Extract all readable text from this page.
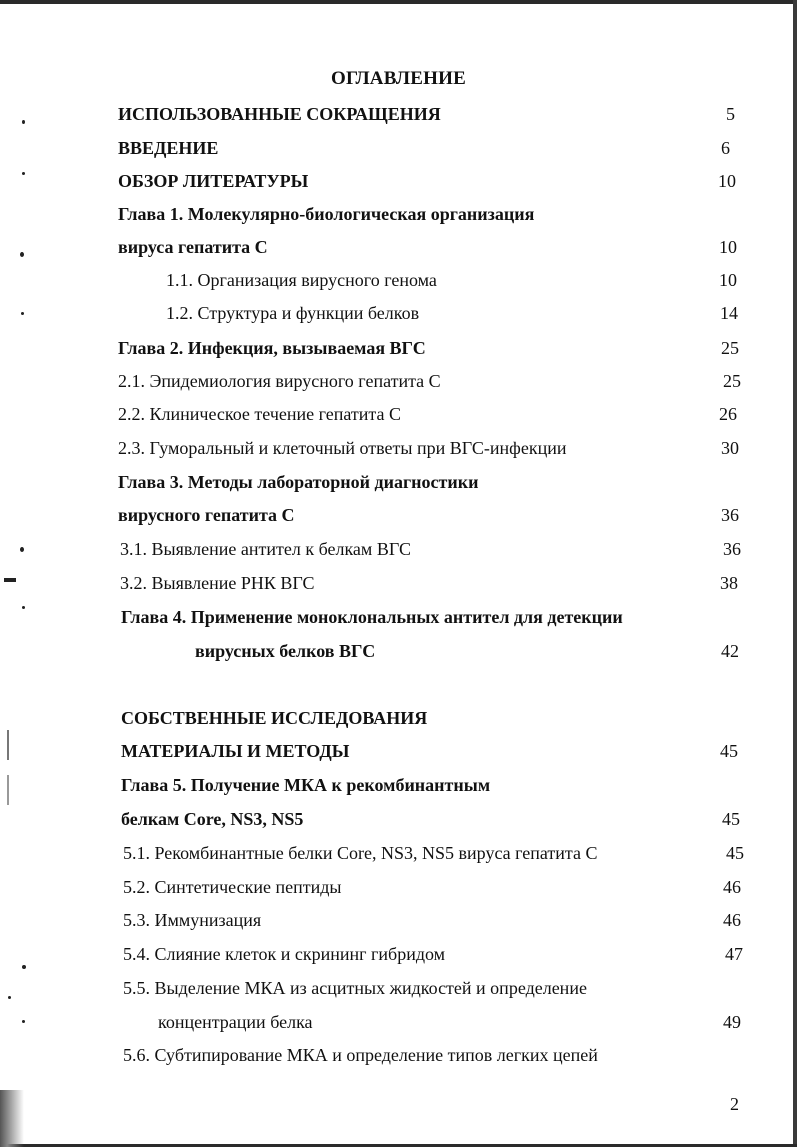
ОГЛАВЛЕНИЕ
ИСПОЛЬЗОВАННЫЕ СОКРАЩЕНИЯ	5
ВВЕДЕНИЕ	6
ОБЗОР ЛИТЕРАТУРЫ	10
Глава 1. Молекулярно-биологическая организация
вируса гепатита С	10
1.1. Организация вирусного генома	10
1.2. Структура и функции белков	14
Глава 2. Инфекция, вызываемая ВГС	25
2.1. Эпидемиология вирусного гепатита С	25
2.2. Клиническое течение гепатита С	26
2.3. Гуморальный и клеточный ответы при ВГС-инфекции	30
Глава 3. Методы лабораторной диагностики
вирусного гепатита С	36
3.1. Выявление антител к белкам ВГС	36
3.2. Выявление РНК ВГС	38
Глава 4. Применение моноклональных антител для детекции
вирусных белков ВГС	42
СОБСТВЕННЫЕ ИССЛЕДОВАНИЯ
МАТЕРИАЛЫ И МЕТОДЫ	45
Глава 5. Получение МКА к рекомбинантным
белкам Core, NS3, NS5	45
5.1. Рекомбинантные белки Core, NS3, NS5 вируса гепатита С	45
5.2. Синтетические пептиды	46
5.3. Иммунизация	46
5.4. Слияние клеток и скрининг гибридом	47
5.5. Выделение МКА из асцитных жидкостей и определение
концентрации белка	49
5.6. Субтипирование МКА и определение типов легких цепей
2
